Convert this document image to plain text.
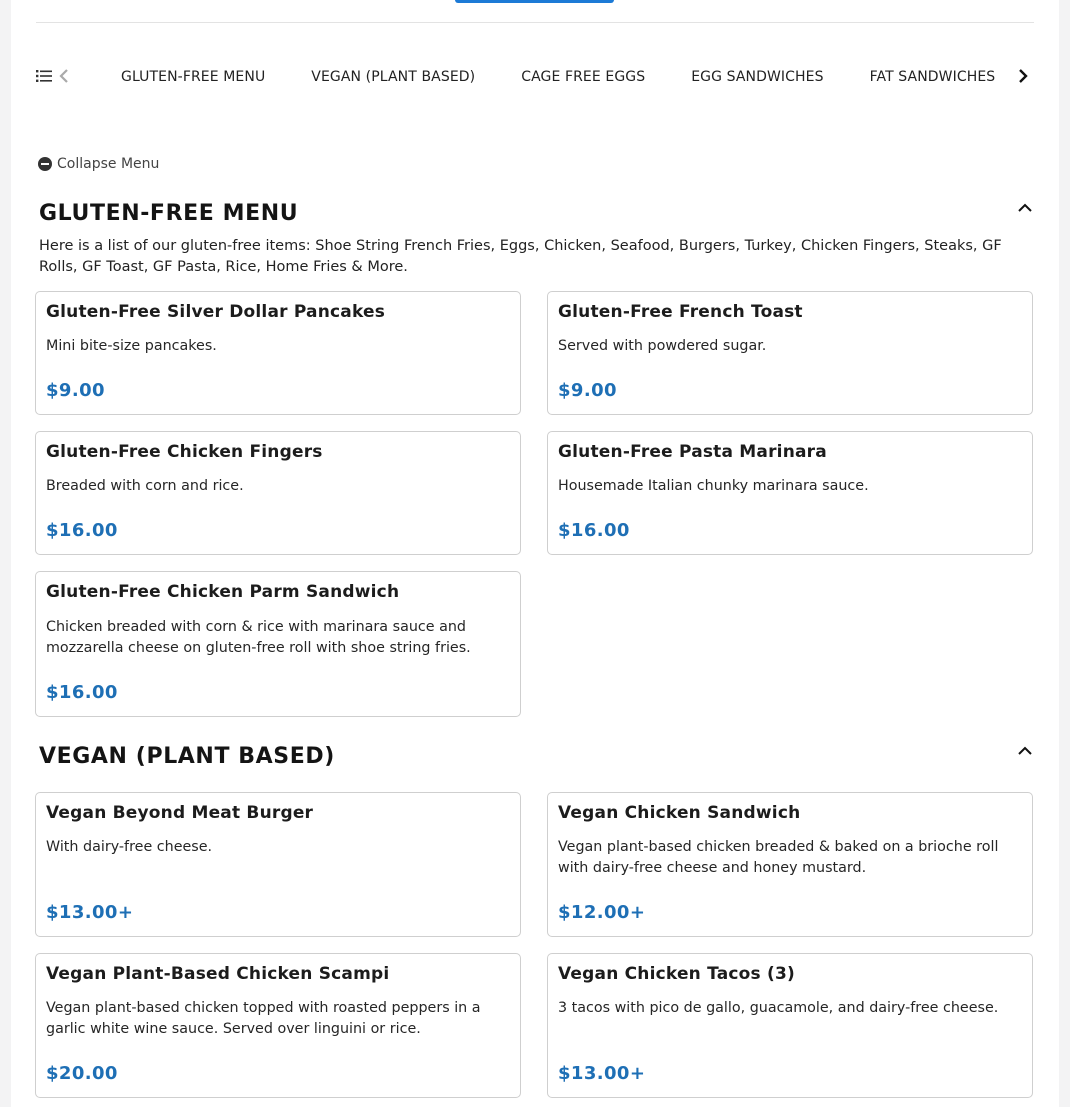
GLUTEN-FREE MENU	VEGAN (PLANT BASED)	CAGE FREE EGGS	EGG SANDWICHES	FAT SANDWICHES
Collapse Menu
GLUTEN-FREE MENU
Here is a list of our gluten-free items: Shoe String French Fries, Eggs, Chicken, Seafood, Burgers, Turkey, Chicken Fingers, Steaks, GF Rolls, GF Toast, GF Pasta, Rice, Home Fries & More.
Gluten-Free Silver Dollar Pancakes
Mini bite-size pancakes.
$9.00
Gluten-Free French Toast
Served with powdered sugar.
$9.00
Gluten-Free Chicken Fingers
Breaded with corn and rice.
$16.00
Gluten-Free Pasta Marinara
Housemade Italian chunky marinara sauce.
$16.00
Gluten-Free Chicken Parm Sandwich
Chicken breaded with corn & rice with marinara sauce and mozzarella cheese on gluten-free roll with shoe string fries.
$16.00
VEGAN (PLANT BASED)
Vegan Beyond Meat Burger
With dairy-free cheese.
$13.00+
Vegan Chicken Sandwich
Vegan plant-based chicken breaded & baked on a brioche roll with dairy-free cheese and honey mustard.
$12.00+
Vegan Plant-Based Chicken Scampi
Vegan plant-based chicken topped with roasted peppers in a garlic white wine sauce. Served over linguini or rice.
$20.00
Vegan Chicken Tacos (3)
3 tacos with pico de gallo, guacamole, and dairy-free cheese.
$13.00+
